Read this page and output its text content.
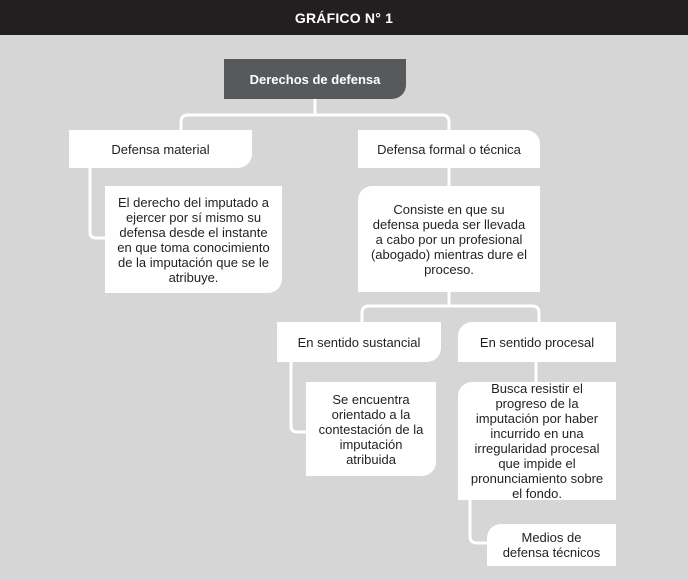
GRÁFICO N° 1
Derechos de defensa
Defensa material
El derecho del imputado a ejercer por sí mismo su defensa desde el instante en que toma conocimiento de la imputación que se le atribuye.
Defensa formal o técnica
Consiste en que su defensa pueda ser llevada a cabo por un profesional (abogado) mientras dure el proceso.
En sentido sustancial
Se encuentra orientado a la contestación de la imputación atribuida
En sentido procesal
Busca resistir el progreso de la imputación por haber incurrido en una irregularidad procesal que impide el pronunciamiento sobre el fondo.
Medios de defensa técnicos
